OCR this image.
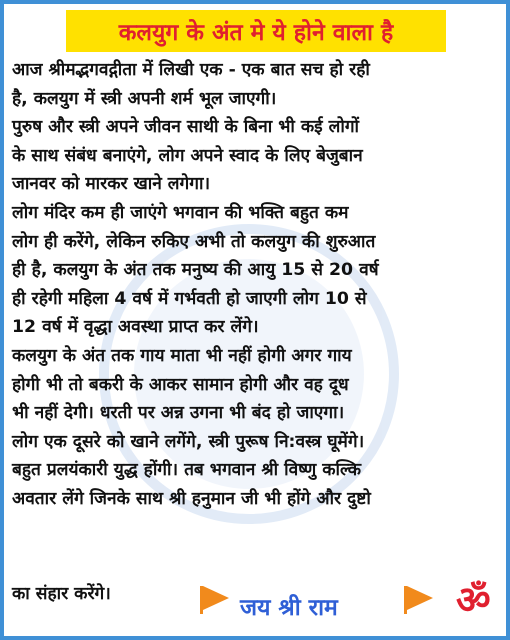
कलयुग के अंत मे ये होने वाला है
आज श्रीमद्भगवद्गीता में लिखी एक - एक बात सच हो रही
है, कलयुग में स्त्री अपनी शर्म भूल जाएगी।
पुरुष और स्त्री अपने जीवन साथी के बिना भी कई लोगों
के साथ संबंध बनाएंगे, लोग अपने स्वाद के लिए बेजुबान
जानवर को मारकर खाने लगेगा।
लोग मंदिर कम ही जाएंगे भगवान की भक्ति बहुत कम
लोग ही करेंगे, लेकिन रुकिए अभी तो कलयुग की शुरुआत
ही है, कलयुग के अंत तक मनुष्य की आयु 15 से 20 वर्ष
ही रहेगी महिला 4 वर्ष में गर्भवती हो जाएगी लोग 10 से
12 वर्ष में वृद्धा अवस्था प्राप्त कर लेंगे।
कलयुग के अंत तक गाय माता भी नहीं होगी अगर गाय
होगी भी तो बकरी के आकर सामान होगी और वह दूध
भी नहीं देगी। धरती पर अन्न उगना भी बंद हो जाएगा।
लोग एक दूसरे को खाने लगेंगे, स्त्री पुरूष नि:वस्त्र घूमेंगे।
बहुत प्रलयंकारी युद्ध होंगी। तब भगवान श्री विष्णु कल्कि
अवतार लेंगे जिनके साथ श्री हनुमान जी भी होंगे और दुष्टो
का संहार करेंगे।
जय श्री राम	ॐ
